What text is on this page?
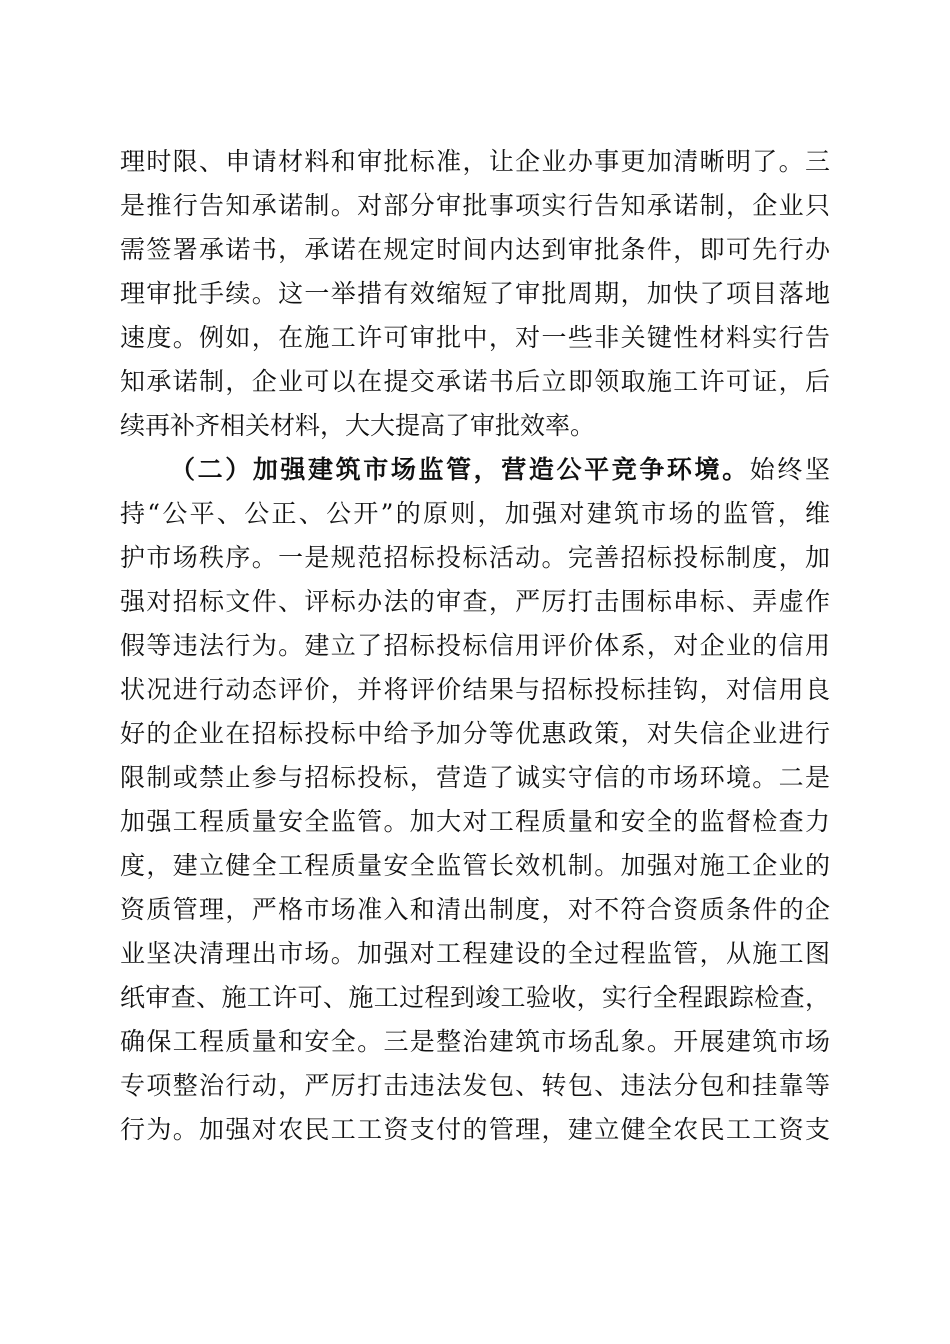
理时限、申请材料和审批标准，让企业办事更加清晰明了。三
是推行告知承诺制。对部分审批事项实行告知承诺制，企业只
需签署承诺书，承诺在规定时间内达到审批条件，即可先行办
理审批手续。这一举措有效缩短了审批周期，加快了项目落地
速度。例如，在施工许可审批中，对一些非关键性材料实行告
知承诺制，企业可以在提交承诺书后立即领取施工许可证，后
续再补齐相关材料，大大提高了审批效率。
（二）加强建筑市场监管，营造公平竞争环境。始终坚
持“公平、公正、公开”的原则，加强对建筑市场的监管，维
护市场秩序。一是规范招标投标活动。完善招标投标制度，加
强对招标文件、评标办法的审查，严厉打击围标串标、弄虚作
假等违法行为。建立了招标投标信用评价体系，对企业的信用
状况进行动态评价，并将评价结果与招标投标挂钩，对信用良
好的企业在招标投标中给予加分等优惠政策，对失信企业进行
限制或禁止参与招标投标，营造了诚实守信的市场环境。二是
加强工程质量安全监管。加大对工程质量和安全的监督检查力
度，建立健全工程质量安全监管长效机制。加强对施工企业的
资质管理，严格市场准入和清出制度，对不符合资质条件的企
业坚决清理出市场。加强对工程建设的全过程监管，从施工图
纸审查、施工许可、施工过程到竣工验收，实行全程跟踪检查，
确保工程质量和安全。三是整治建筑市场乱象。开展建筑市场
专项整治行动，严厉打击违法发包、转包、违法分包和挂靠等
行为。加强对农民工工资支付的管理，建立健全农民工工资支
